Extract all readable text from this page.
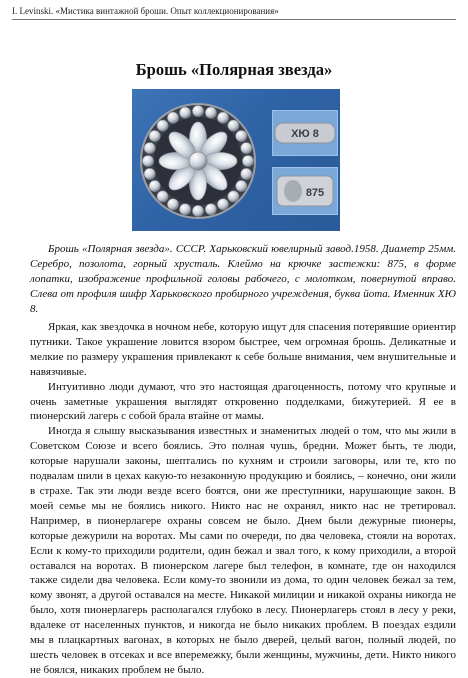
I. Levinski. «Мистика винтажной броши. Опыт коллекционирования»
Брошь «Полярная звезда»
ХЮ 8
875
Брошь «Полярная звезда». СССР. Харьковский ювелирный завод.1958. Диаметр 25мм. Серебро, позолота, горный хрусталь. Клеймо на крючке застежки: 875, в форме лопатки, изображение профильной головы рабочего, с молотком, повернутой вправо. Слева от профиля шифр Харьковского пробирного учреждения, буква йота. Именник ХЮ 8.

Яркая, как звездочка в ночном небе, которую ищут для спасения потерявшие ориентир путники. Такое украшение ловится взором быстрее, чем огромная брошь. Деликатные и мелкие по размеру украшения привлекают к себе больше внимания, чем внушительные и навязчивые.

Интуитивно люди думают, что это настоящая драгоценность, потому что крупные и очень заметные украшения выглядят откровенно подделками, бижутерией. Я ее в пионерский лагерь с собой брала втайне от мамы.

Иногда я слышу высказывания известных и знаменитых людей о том, что мы жили в Советском Союзе и всего боялись. Это полная чушь, бредни. Может быть, те люди, которые нарушали законы, шептались по кухням и строили заговоры, или те, кто по подвалам шили в цехах какую-то незаконную продукцию и боялись, – конечно, они жили в страхе. Так эти люди везде всего боятся, они же преступники, нарушающие закон. В моей семье мы не боялись никого. Никто нас не охранял, никто нас не третировал. Например, в пионерлагере охраны совсем не было. Днем были дежурные пионеры, которые дежурили на воротах. Мы сами по очереди, по два человека, стояли на воротах. Если к кому-то приходили родители, один бежал и звал того, к кому приходили, а второй оставался на воротах. В пионерском лагере был телефон, в комнате, где он находился также сидели два человека. Если кому-то звонили из дома, то один человек бежал за тем, кому звонят, а другой оставался на месте. Никакой милиции и никакой охраны никогда не было, хотя пионерлагерь располагался глубоко в лесу. Пионерлагерь стоял в лесу у реки, вдалеке от населенных пунктов, и никогда не было никаких проблем. В поездах ездили мы в плацкартных вагонах, в которых не было дверей, целый вагон, полный людей, по шесть человек в отсеках и все вперемежку, были женщины, мужчины, дети. Никто никого не боялся, никаких проблем не было.
